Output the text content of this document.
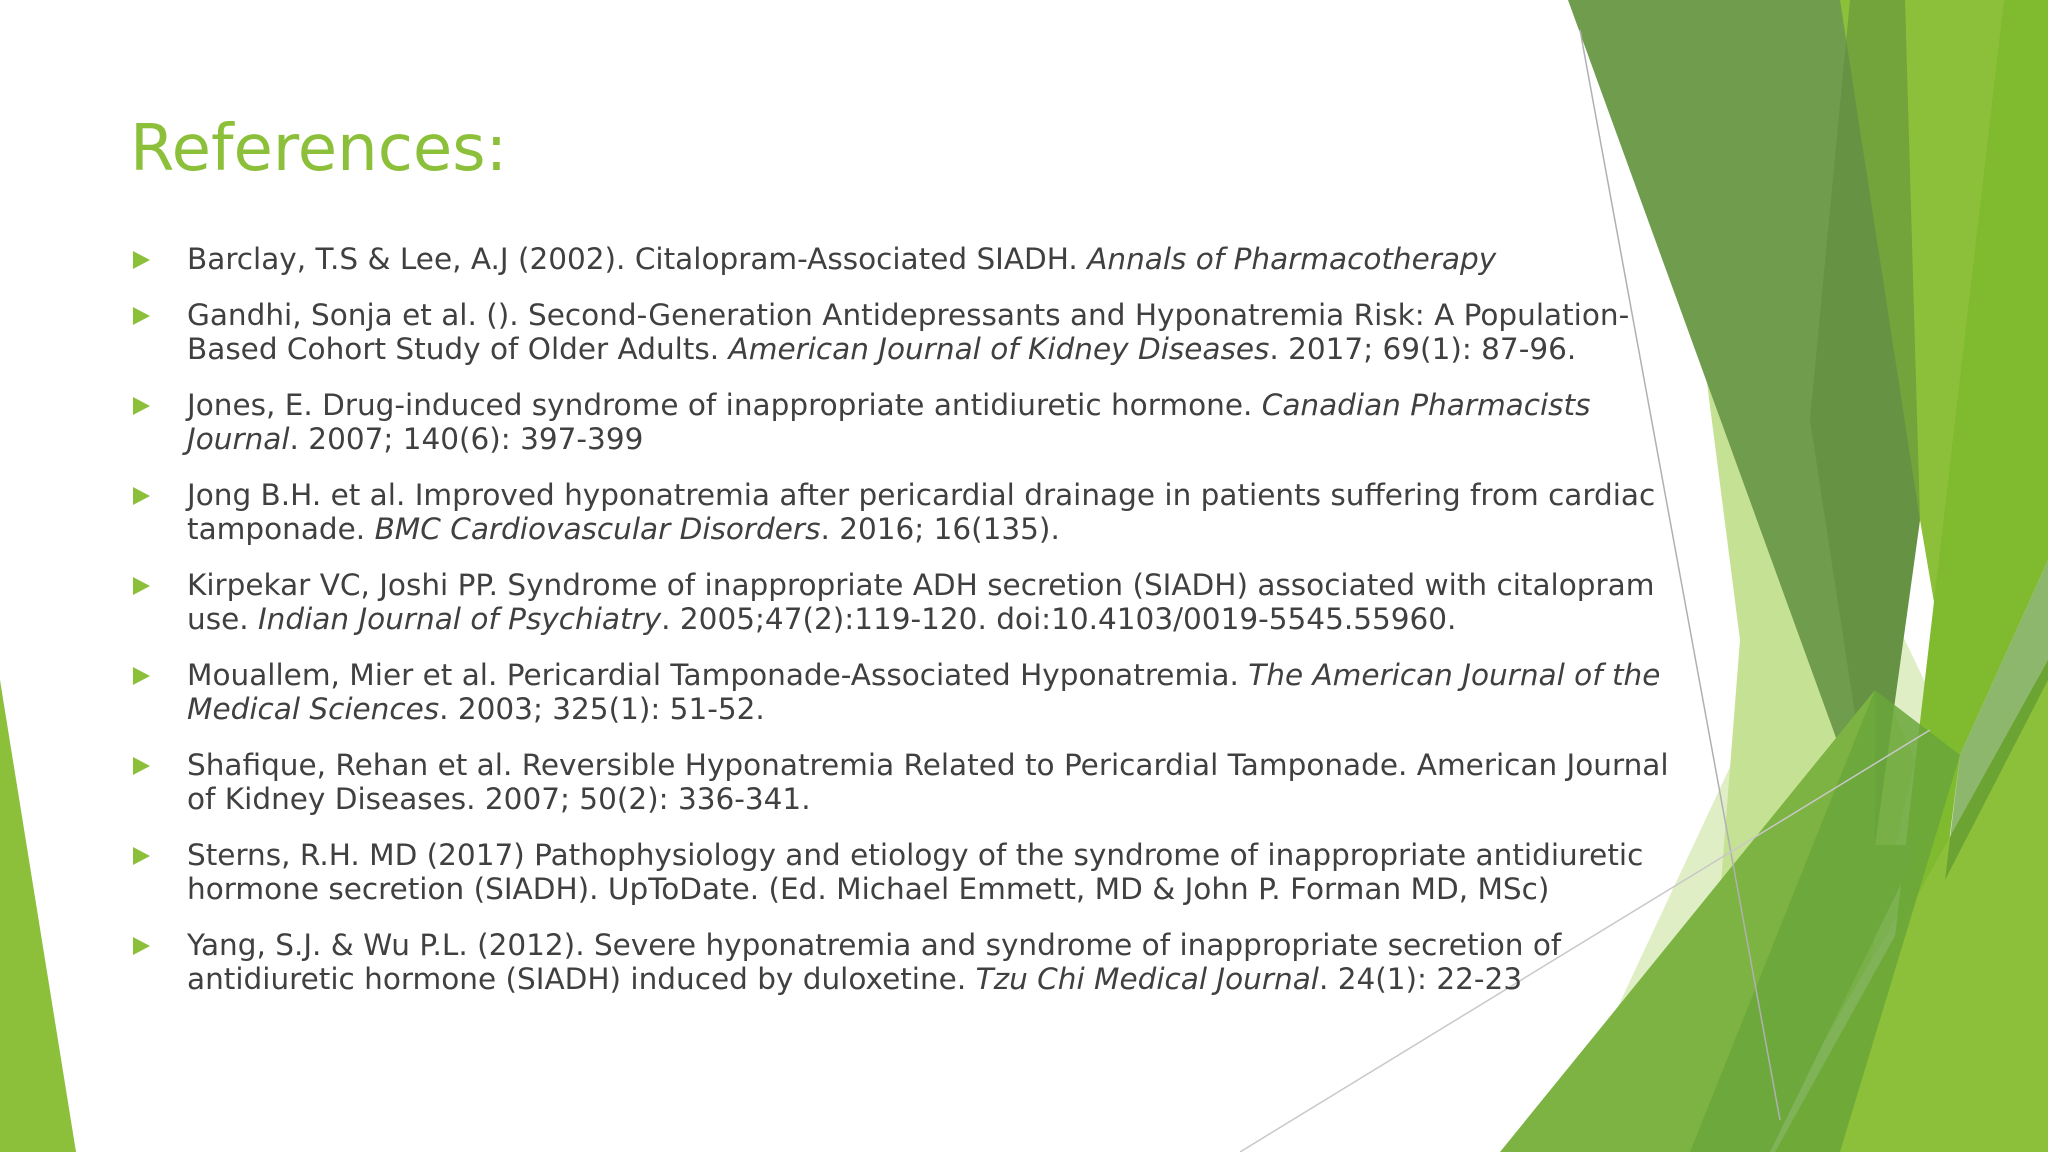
References:
Barclay, T.S & Lee, A.J (2002). Citalopram-Associated SIADH. Annals of Pharmacotherapy
Gandhi, Sonja et al. (). Second-Generation Antidepressants and Hyponatremia Risk: A Population-Based Cohort Study of Older Adults. American Journal of Kidney Diseases. 2017; 69(1): 87-96.
Jones, E. Drug-induced syndrome of inappropriate antidiuretic hormone. Canadian Pharmacists Journal. 2007; 140(6): 397-399
Jong B.H. et al. Improved hyponatremia after pericardial drainage in patients suffering from cardiac tamponade. BMC Cardiovascular Disorders. 2016; 16(135).
Kirpekar VC, Joshi PP. Syndrome of inappropriate ADH secretion (SIADH) associated with citalopram use. Indian Journal of Psychiatry. 2005;47(2):119-120. doi:10.4103/0019-5545.55960.
Mouallem, Mier et al. Pericardial Tamponade-Associated Hyponatremia. The American Journal of the Medical Sciences. 2003; 325(1): 51-52.
Shafique, Rehan et al. Reversible Hyponatremia Related to Pericardial Tamponade. American Journal of Kidney Diseases. 2007; 50(2): 336-341.
Sterns, R.H. MD (2017) Pathophysiology and etiology of the syndrome of inappropriate antidiuretic hormone secretion (SIADH). UpToDate. (Ed. Michael Emmett, MD & John P. Forman MD, MSc)
Yang, S.J. & Wu P.L. (2012). Severe hyponatremia and syndrome of inappropriate secretion of antidiuretic hormone (SIADH) induced by duloxetine. Tzu Chi Medical Journal. 24(1): 22-23
